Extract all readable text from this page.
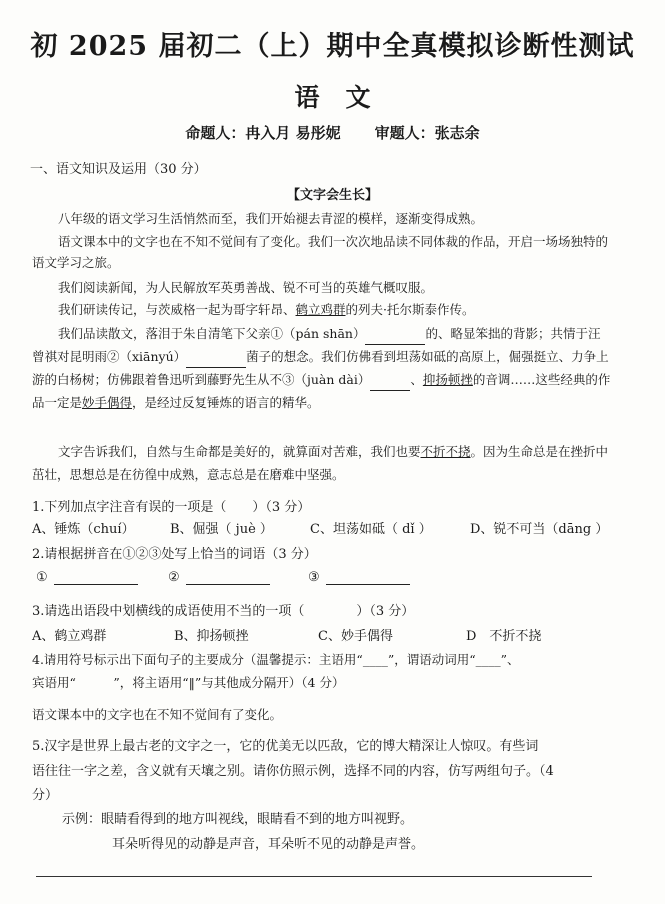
初 2025 届初二（上）期中全真模拟诊断性测试
语文
命题人：冉入月 易彤妮 审题人：张志余
一、语文知识及运用（30 分）
【文字会生长】
八年级的语文学习生活悄然而至，我们开始褪去青涩的模样，逐渐变得成熟。
语文课本中的文字也在不知不觉间有了变化。我们一次次地品读不同体裁的作品，开启一场场独特的语文学习之旅。
我们阅读新闻，为人民解放军英勇善战、锐不可当的英雄气概叹服。
我们研读传记，与茨威格一起为哥字轩昂、鹤立鸡群的列夫·托尔斯泰作传。
我们品读散文，落泪于朱自清笔下父亲①（pán shān）	的、略显笨拙的背影；共情于汪曾祺对昆明雨②（xiānyú）	菌子的想念。我们仿佛看到坦荡如砥的高原上，倔强挺立、力争上游的白杨树；仿佛跟着鲁迅听到藤野先生从不③（juàn dài）	、抑扬顿挫的音调……这些经典的作品一定是妙手偶得，是经过反复锤炼的语言的精华。
文字告诉我们，自然与生命都是美好的，就算面对苦难，我们也要不折不挠。因为生命总是在挫折中茁壮，思想总是在彷徨中成熟，意志总是在磨难中坚强。
1.下列加点字注音有误的一项是（　　）（3 分）
A、锤炼（chuí）	B、倔强（ juè ）	C、坦荡如砥（ dǐ ）	D、锐不可当（dāng ）
2.请根据拼音在①②③处写上恰当的词语（3 分）
①	②	③
3.请选出语段中划横线的成语使用不当的一项（　　　　）（3 分）
A、鹤立鸡群	B、抑扬顿挫	C、妙手偶得	D　不折不挠
4.请用符号标示出下面句子的主要成分（温馨提示：主语用“____”，谓语动词用“____”、
宾语用“　　　”，将主语用“‖”与其他成分隔开）（4 分）
语文课本中的文字也在不知不觉间有了变化。
5.汉字是世界上最古老的文字之一，它的优美无以匹敌，它的博大精深让人惊叹。有些词
语往往一字之差，含义就有天壤之别。请你仿照示例，选择不同的内容，仿写两组句子。（4
分）
示例：眼睛看得到的地方叫视线，眼睛看不到的地方叫视野。
耳朵听得见的动静是声音，耳朵听不见的动静是声誉。
